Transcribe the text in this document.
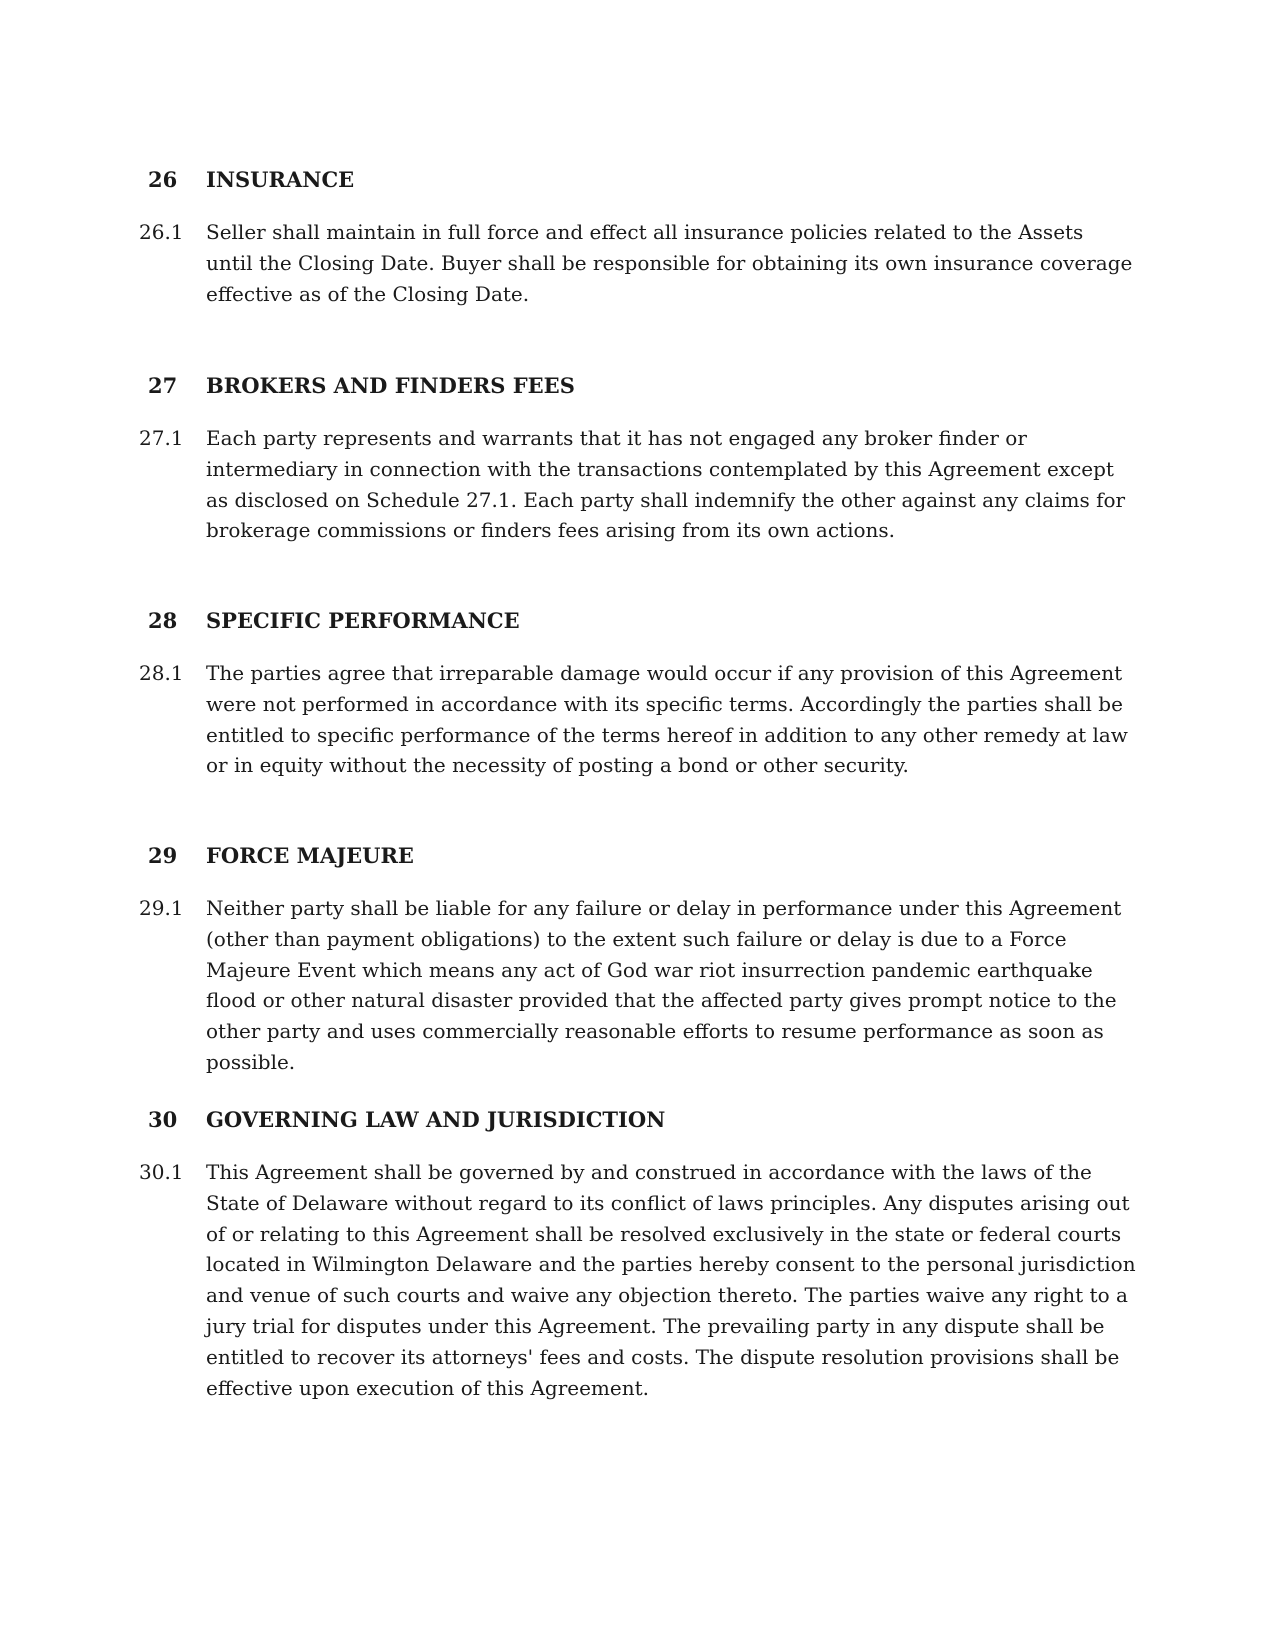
26 INSURANCE
26.1	Seller shall maintain in full force and effect all insurance policies related to the Assets until the Closing Date. Buyer shall be responsible for obtaining its own insurance coverage effective as of the Closing Date.
27 BROKERS AND FINDERS FEES
27.1	Each party represents and warrants that it has not engaged any broker finder or intermediary in connection with the transactions contemplated by this Agreement except as disclosed on Schedule 27.1. Each party shall indemnify the other against any claims for brokerage commissions or finders fees arising from its own actions.
28 SPECIFIC PERFORMANCE
28.1	The parties agree that irreparable damage would occur if any provision of this Agreement were not performed in accordance with its specific terms. Accordingly the parties shall be entitled to specific performance of the terms hereof in addition to any other remedy at law or in equity without the necessity of posting a bond or other security.
29 FORCE MAJEURE
29.1	Neither party shall be liable for any failure or delay in performance under this Agreement (other than payment obligations) to the extent such failure or delay is due to a Force Majeure Event which means any act of God war riot insurrection pandemic earthquake flood or other natural disaster provided that the affected party gives prompt notice to the other party and uses commercially reasonable efforts to resume performance as soon as possible.
30 GOVERNING LAW AND JURISDICTION
30.1	This Agreement shall be governed by and construed in accordance with the laws of the State of Delaware without regard to its conflict of laws principles. Any disputes arising out of or relating to this Agreement shall be resolved exclusively in the state or federal courts located in Wilmington Delaware and the parties hereby consent to the personal jurisdiction and venue of such courts and waive any objection thereto. The parties waive any right to a jury trial for disputes under this Agreement. The prevailing party in any dispute shall be entitled to recover its attorneys' fees and costs. The dispute resolution provisions shall be effective upon execution of this Agreement.
